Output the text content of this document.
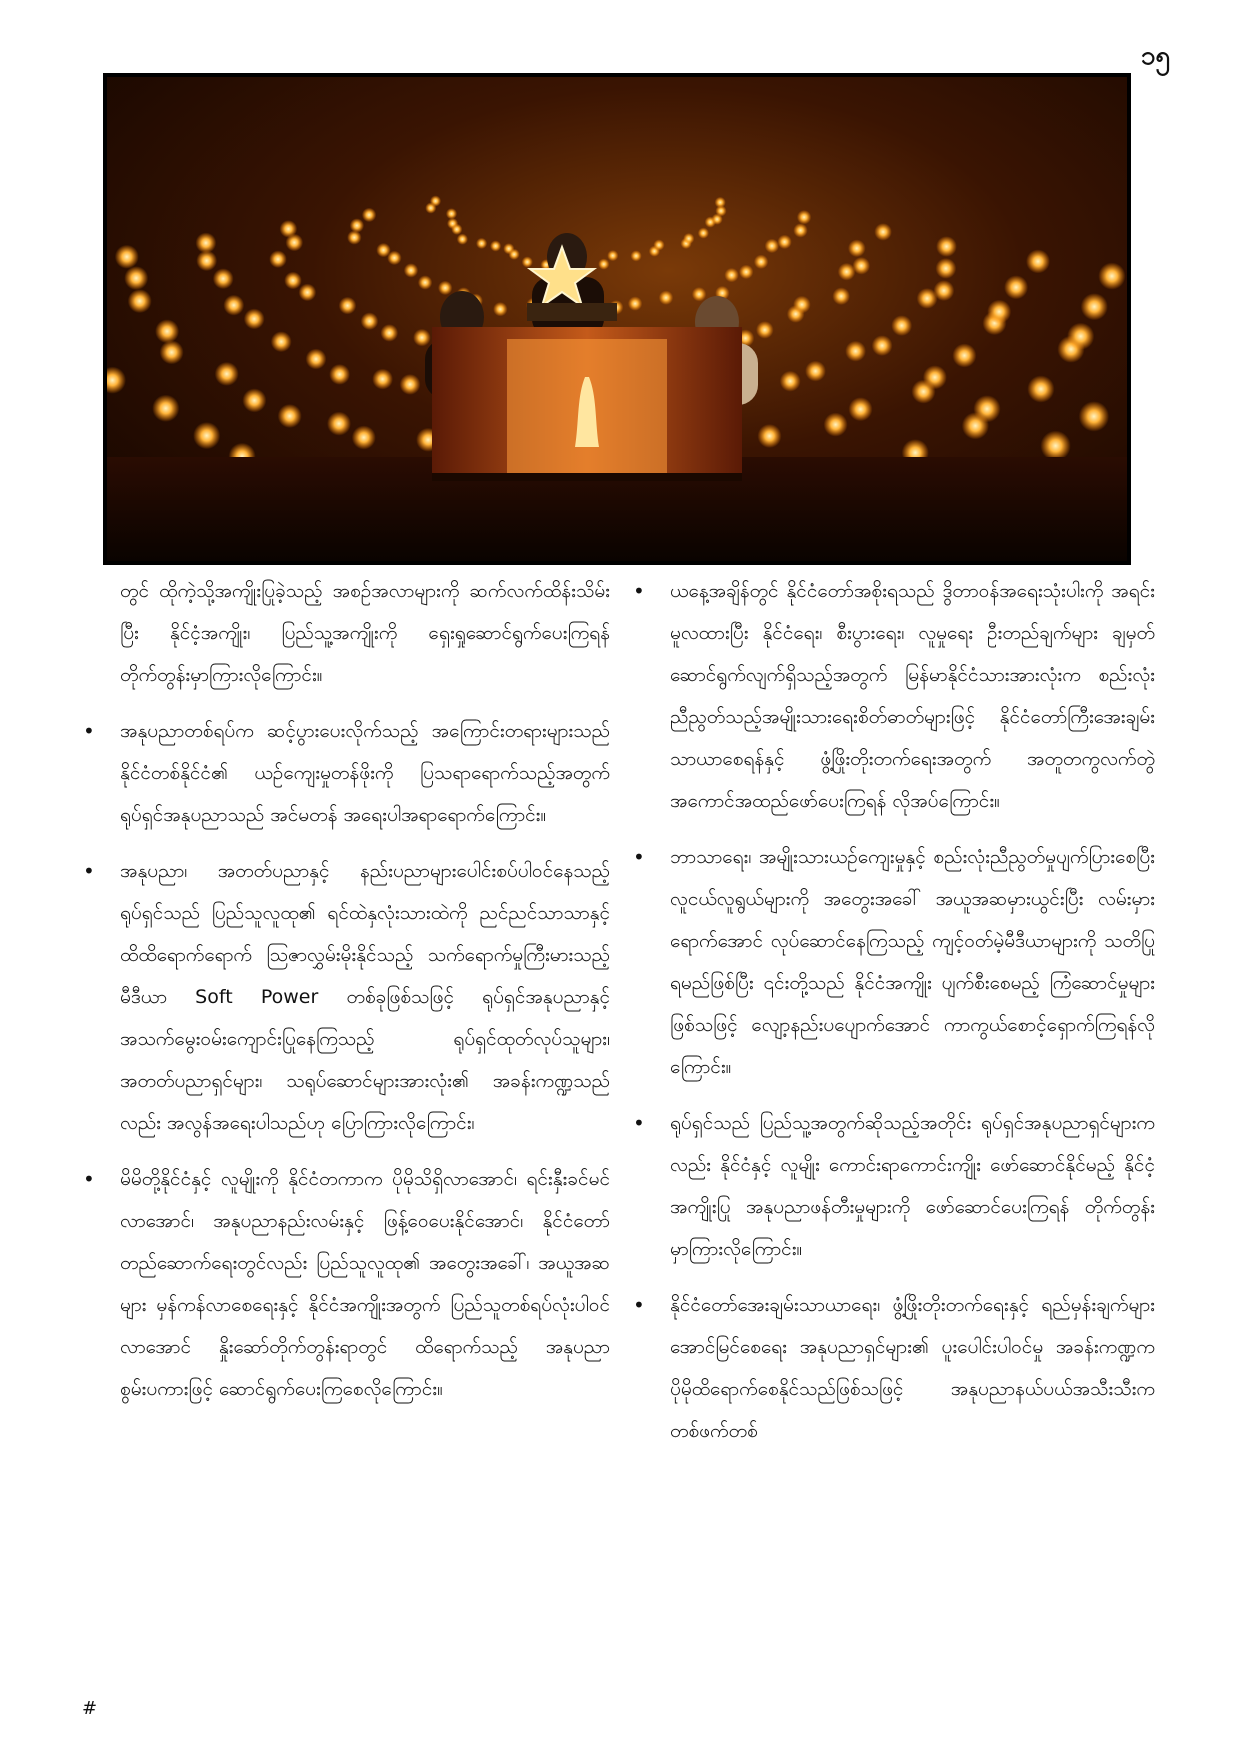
၁၅

တွင် ထိုကဲ့သို့အကျိုးပြုခဲ့သည့် အစဉ်အလာများကို ဆက်လက်ထိန်းသိမ်းပြီး နိုင်ငံ့အကျိုး၊ ပြည်သူ့အကျိုးကို ရှေးရှုဆောင်ရွက်ပေးကြရန် တိုက်တွန်းမှာကြားလိုကြောင်း။

• အနုပညာတစ်ရပ်က ဆင့်ပွားပေးလိုက်သည့် အကြောင်းတရားများသည် နိုင်ငံတစ်နိုင်ငံ၏ ယဉ်ကျေးမှုတန်ဖိုးကို ပြသရာရောက်သည့်အတွက် ရုပ်ရှင်အနုပညာသည် အင်မတန် အရေးပါအရာရောက်ကြောင်း။
• အနုပညာ၊ အတတ်ပညာနှင့် နည်းပညာများပေါင်းစပ်ပါဝင်နေသည့် ရုပ်ရှင်သည် ပြည်သူလူထု၏ ရင်ထဲနှလုံးသားထဲကို ညင်ညင်သာသာနှင့် ထိထိရောက်ရောက် ဩဇာလွှမ်းမိုးနိုင်သည့် သက်ရောက်မှုကြီးမားသည့် မီဒီယာ Soft Power တစ်ခုဖြစ်သဖြင့် ရုပ်ရှင်အနုပညာနှင့်အသက်မွေးဝမ်းကျောင်းပြုနေကြသည့် ရုပ်ရှင်ထုတ်လုပ်သူများ၊ အတတ်ပညာရှင်များ၊ သရုပ်ဆောင်များအားလုံး၏ အခန်းကဏ္ဍသည်လည်း အလွန်အရေးပါသည်ဟု ပြောကြားလိုကြောင်း၊
• မိမိတို့နိုင်ငံနှင့် လူမျိုးကို နိုင်ငံတကာက ပိုမိုသိရှိလာအောင်၊ ရင်းနှီးခင်မင်လာအောင်၊ အနုပညာနည်းလမ်းနှင့် ဖြန့်ဝေပေးနိုင်အောင်၊ နိုင်ငံတော်တည်ဆောက်ရေးတွင်လည်း ပြည်သူလူထု၏ အတွေးအခေါ်၊ အယူအဆများ မှန်ကန်လာစေရေးနှင့် နိုင်ငံအကျိုးအတွက် ပြည်သူတစ်ရပ်လုံးပါဝင်လာအောင် နှိုးဆော်တိုက်တွန်းရာတွင် ထိရောက်သည့် အနုပညာစွမ်းပကားဖြင့် ဆောင်ရွက်ပေးကြစေလိုကြောင်း။
• ယနေ့အချိန်တွင် နိုင်ငံတော်အစိုးရသည် ဒွိတာဝန်အရေးသုံးပါးကို အရင်းမူလထားပြီး နိုင်ငံရေး၊ စီးပွားရေး၊ လူမှုရေး ဦးတည်ချက်များ ချမှတ်ဆောင်ရွက်လျက်ရှိသည့်အတွက် မြန်မာနိုင်ငံသားအားလုံးက စည်းလုံးညီညွတ်သည့်အမျိုးသားရေးစိတ်ဓာတ်များဖြင့် နိုင်ငံတော်ကြီးအေးချမ်းသာယာစေရန်နှင့် ဖွံ့ဖြိုးတိုးတက်ရေးအတွက် အတူတကွလက်တွဲ အကောင်အထည်ဖော်ပေးကြရန် လိုအပ်ကြောင်း။
• ဘာသာရေး၊ အမျိုးသားယဉ်ကျေးမှုနှင့် စည်းလုံးညီညွတ်မှုပျက်ပြားစေပြီး လူငယ်လူရွယ်များကို အတွေးအခေါ် အယူအဆမှားယွင်းပြီး လမ်းမှားရောက်အောင် လုပ်ဆောင်နေကြသည့် ကျင့်ဝတ်မဲ့မီဒီယာများကို သတိပြုရမည်ဖြစ်ပြီး ၎င်းတို့သည် နိုင်ငံအကျိုး ပျက်စီးစေမည့် ကြံဆောင်မှုများဖြစ်သဖြင့် လျော့နည်းပပျောက်အောင် ကာကွယ်စောင့်ရှောက်ကြရန်လိုကြောင်း။
• ရုပ်ရှင်သည် ပြည်သူ့အတွက်ဆိုသည့်အတိုင်း ရုပ်ရှင်အနုပညာရှင်များကလည်း နိုင်ငံနှင့် လူမျိုး ကောင်းရာကောင်းကျိုး ဖော်ဆောင်နိုင်မည့် နိုင်ငံ့အကျိုးပြု အနုပညာဖန်တီးမှုများကို ဖော်ဆောင်ပေးကြရန် တိုက်တွန်းမှာကြားလိုကြောင်း။
• နိုင်ငံတော်အေးချမ်းသာယာရေး၊ ဖွံ့ဖြိုးတိုးတက်ရေးနှင့် ရည်မှန်းချက်များအောင်မြင်စေရေး အနုပညာရှင်များ၏ ပူးပေါင်းပါဝင်မှု အခန်းကဏ္ဍက ပိုမိုထိရောက်စေနိုင်သည်ဖြစ်သဖြင့် အနုပညာနယ်ပယ်အသီးသီးက တစ်ဖက်တစ်
#
